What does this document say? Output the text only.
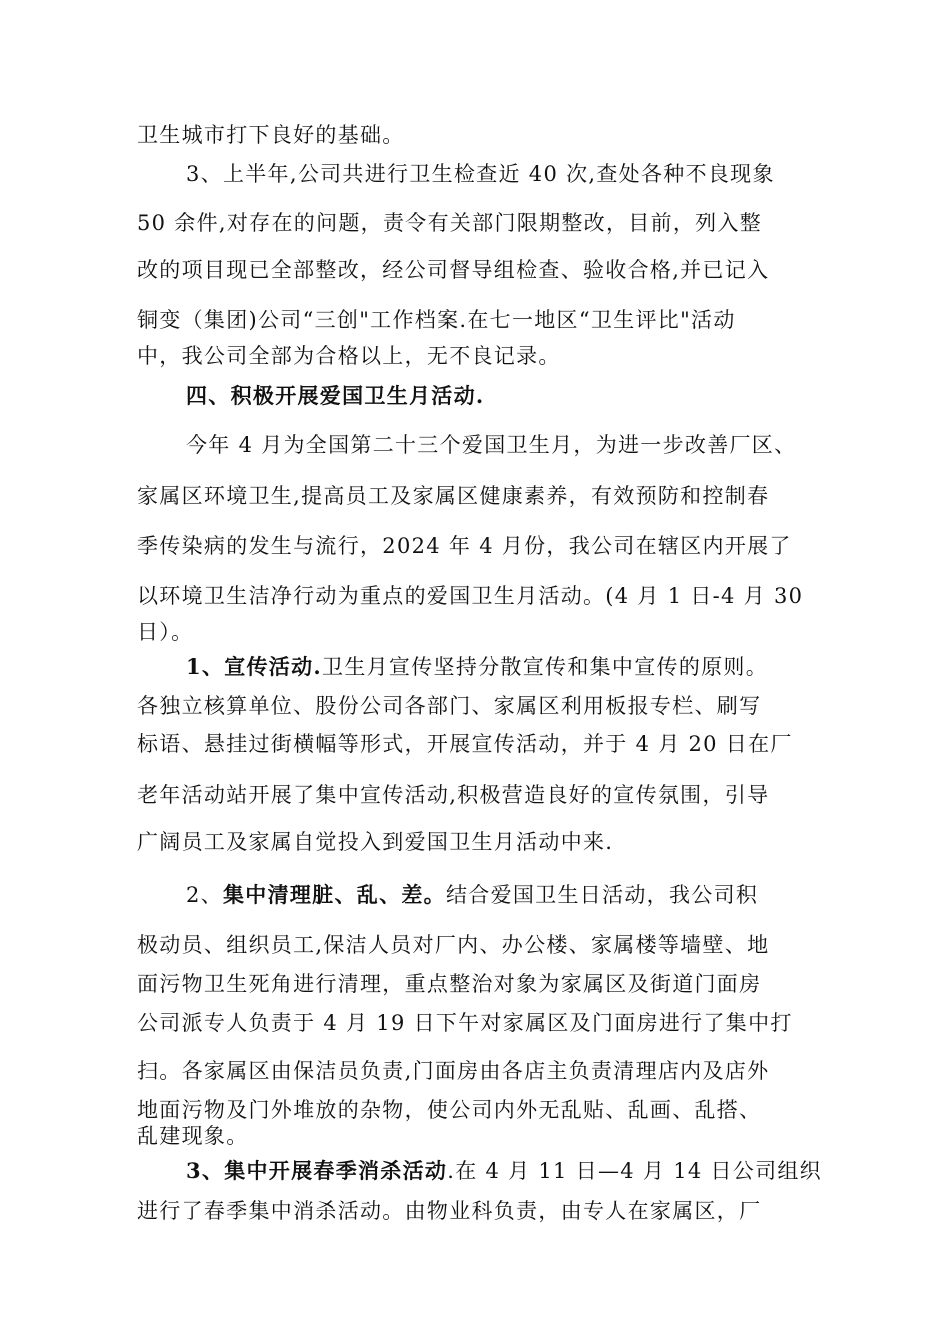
卫生城市打下良好的基础。
3、上半年,公司共进行卫生检查近 40 次,查处各种不良现象
50 余件,对存在的问题，责令有关部门限期整改，目前，列入整
改的项目现已全部整改，经公司督导组检查、验收合格,并已记入
铜变（集团)公司“三创"工作档案.在七一地区“卫生评比"活动
中，我公司全部为合格以上，无不良记录。
四、积极开展爱国卫生月活动.
今年 4 月为全国第二十三个爱国卫生月，为进一步改善厂区、
家属区环境卫生,提高员工及家属区健康素养，有效预防和控制春
季传染病的发生与流行，2024 年 4 月份，我公司在辖区内开展了
以环境卫生洁净行动为重点的爱国卫生月活动。(4 月 1 日-4 月 30
日）。
1、宣传活动.卫生月宣传坚持分散宣传和集中宣传的原则。
各独立核算单位、股份公司各部门、家属区利用板报专栏、刷写
标语、悬挂过街横幅等形式，开展宣传活动，并于 4 月 20 日在厂
老年活动站开展了集中宣传活动,积极营造良好的宣传氛围，引导
广阔员工及家属自觉投入到爱国卫生月活动中来.
2、集中清理脏、乱、差。结合爱国卫生日活动，我公司积
极动员、组织员工,保洁人员对厂内、办公楼、家属楼等墙壁、地
面污物卫生死角进行清理，重点整治对象为家属区及街道门面房
公司派专人负责于 4 月 19 日下午对家属区及门面房进行了集中打
扫。各家属区由保洁员负责,门面房由各店主负责清理店内及店外
地面污物及门外堆放的杂物，使公司内外无乱贴、乱画、乱搭、
乱建现象。
3、集中开展春季消杀活动.在 4 月 11 日—4 月 14 日公司组织
进行了春季集中消杀活动。由物业科负责，由专人在家属区，厂
